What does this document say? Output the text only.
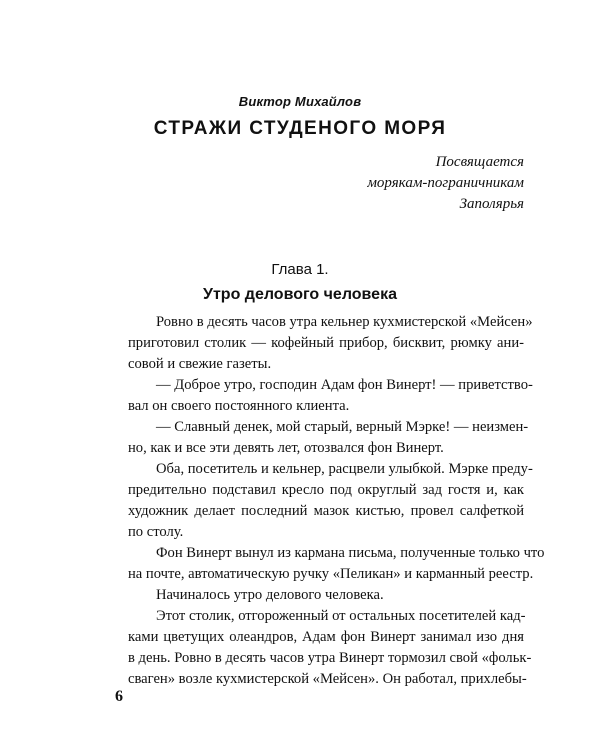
Виктор Михайлов
СТРАЖИ СТУДЕНОГО МОРЯ
Посвящается
морякам-пограничникам
Заполярья
Глава 1.
Утро делового человека
Ровно в десять часов утра кельнер кухмистерской «Мейсен»
приготовил столик — кофейный прибор, бисквит, рюмку ани-
совой и свежие газеты.
— Доброе утро, господин Адам фон Винерт! — приветство-
вал он своего постоянного клиента.
— Славный денек, мой старый, верный Мэрке! — неизмен-
но, как и все эти девять лет, отозвался фон Винерт.
Оба, посетитель и кельнер, расцвели улыбкой. Мэрке преду-
предительно подставил кресло под округлый зад гостя и, как
художник делает последний мазок кистью, провел салфеткой
по столу.
Фон Винерт вынул из кармана письма, полученные только что
на почте, автоматическую ручку «Пеликан» и карманный реестр.
Начиналось утро делового человека.
Этот столик, отгороженный от остальных посетителей кад-
ками цветущих олеандров, Адам фон Винерт занимал изо дня
в день. Ровно в десять часов утра Винерт тормозил свой «фольк-
сваген» возле кухмистерской «Мейсен». Он работал, прихлебы-
6
